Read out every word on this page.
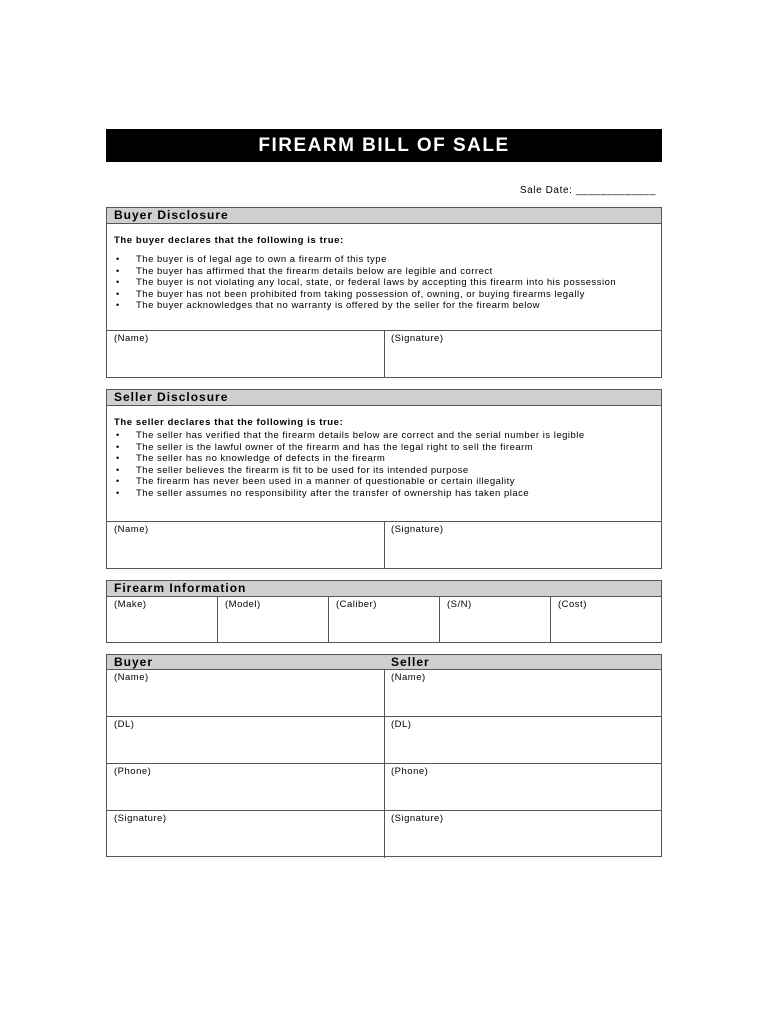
FIREARM BILL OF SALE
Sale Date: _____________
Buyer Disclosure
The buyer declares that the following is true:
• The buyer is of legal age to own a firearm of this type
• The buyer has affirmed that the firearm details below are legible and correct
• The buyer is not violating any local, state, or federal laws by accepting this firearm into his possession
• The buyer has not been prohibited from taking possession of, owning, or buying firearms legally
• The buyer acknowledges that no warranty is offered by the seller for the firearm below
(Name)	(Signature)
Seller Disclosure
The seller declares that the following is true:
• The seller has verified that the firearm details below are correct and the serial number is legible
• The seller is the lawful owner of the firearm and has the legal right to sell the firearm
• The seller has no knowledge of defects in the firearm
• The seller believes the firearm is fit to be used for its intended purpose
• The firearm has never been used in a manner of questionable or certain illegality
• The seller assumes no responsibility after the transfer of ownership has taken place
(Name)	(Signature)
Firearm Information
(Make)	(Model)	(Caliber)	(S/N)	(Cost)
Buyer	Seller
(Name)	(Name)
(DL)	(DL)
(Phone)	(Phone)
(Signature)	(Signature)
